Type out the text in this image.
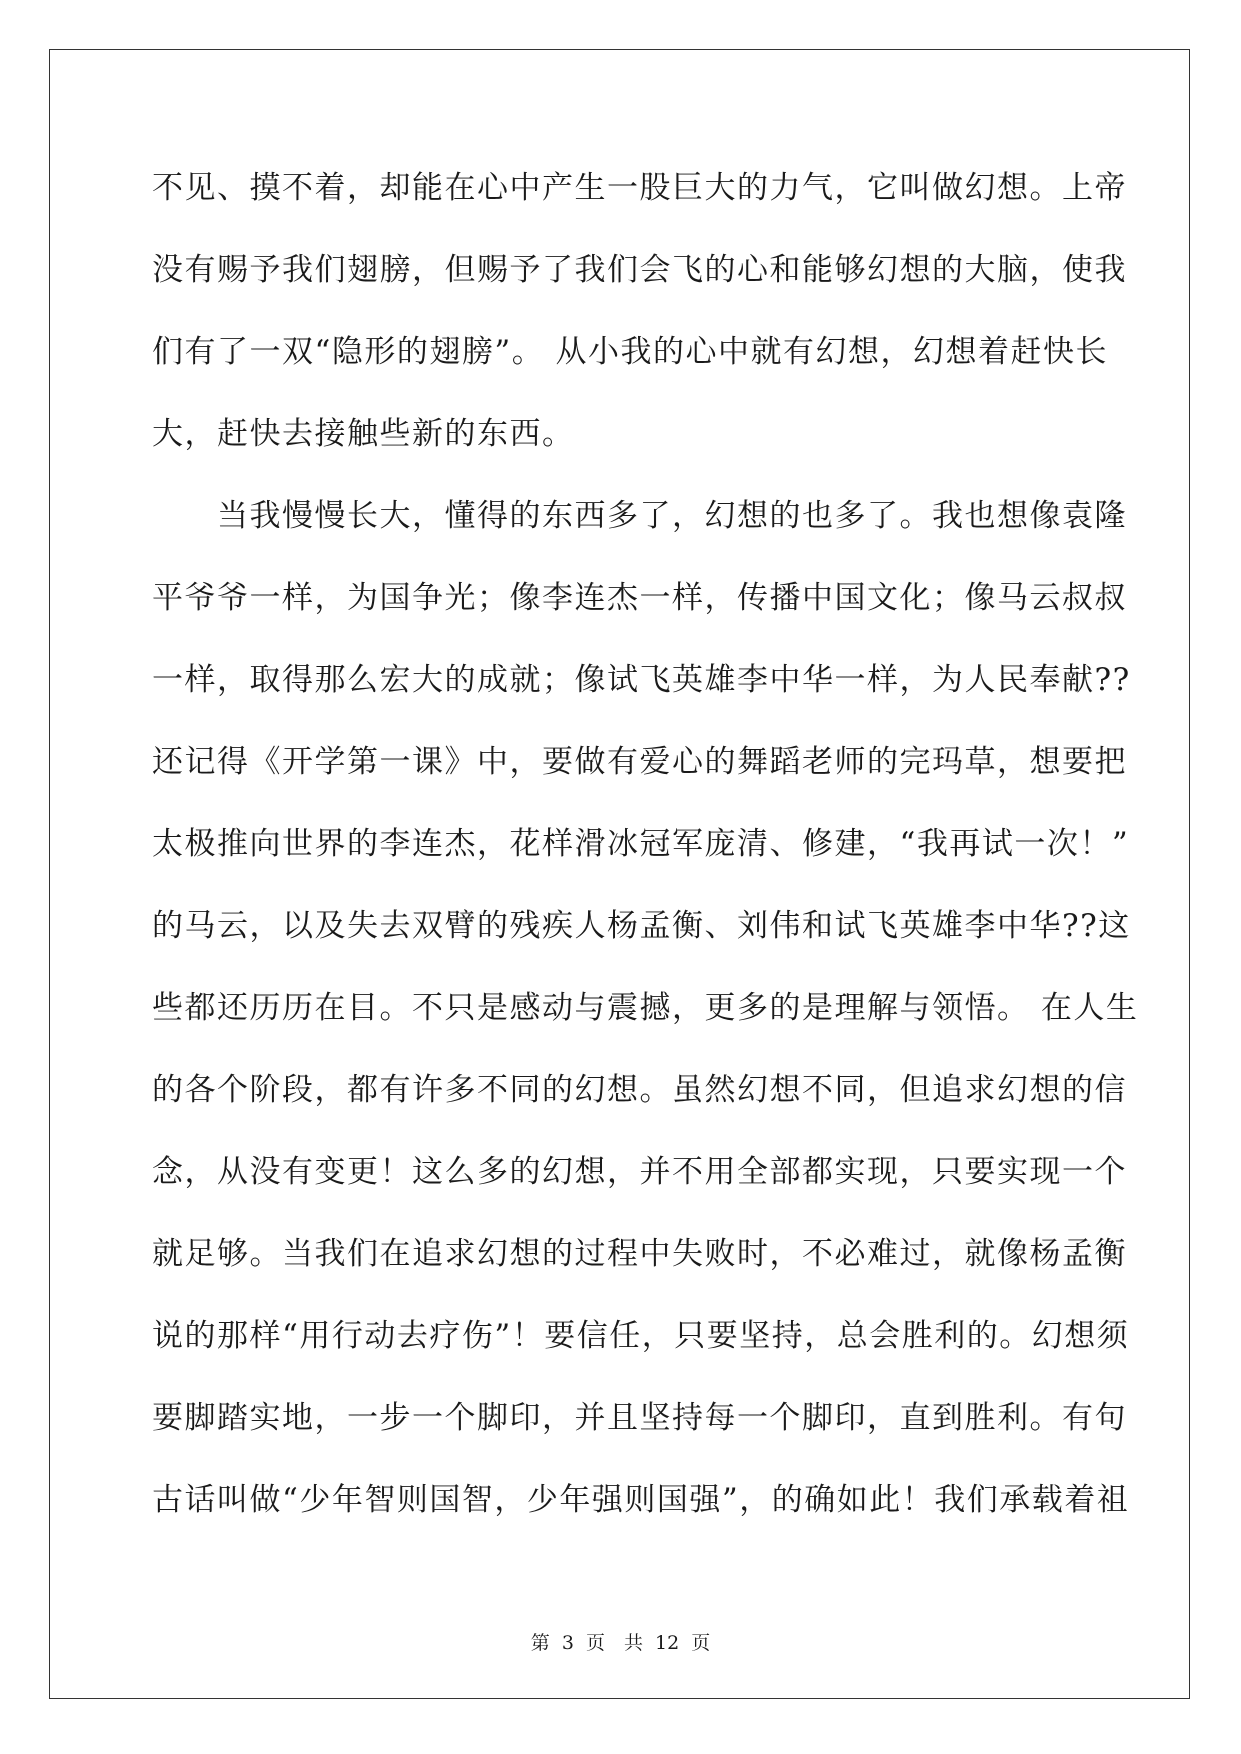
不见、摸不着，却能在心中产生一股巨大的力气，它叫做幻想。上帝
没有赐予我们翅膀，但赐予了我们会飞的心和能够幻想的大脑，使我
们有了一双“隐形的翅膀”。 从小我的心中就有幻想，幻想着赶快长
大，赶快去接触些新的东西。
　　当我慢慢长大，懂得的东西多了，幻想的也多了。我也想像袁隆
平爷爷一样，为国争光；像李连杰一样，传播中国文化；像马云叔叔
一样，取得那么宏大的成就；像试飞英雄李中华一样，为人民奉献??
还记得《开学第一课》中，要做有爱心的舞蹈老师的完玛草，想要把
太极推向世界的李连杰，花样滑冰冠军庞清、修建，“我再试一次！”
的马云，以及失去双臂的残疾人杨孟衡、刘伟和试飞英雄李中华??这
些都还历历在目。不只是感动与震撼，更多的是理解与领悟。 在人生
的各个阶段，都有许多不同的幻想。虽然幻想不同，但追求幻想的信
念，从没有变更！这么多的幻想，并不用全部都实现，只要实现一个
就足够。当我们在追求幻想的过程中失败时，不必难过，就像杨孟衡
说的那样“用行动去疗伤”！要信任，只要坚持，总会胜利的。幻想须
要脚踏实地，一步一个脚印，并且坚持每一个脚印，直到胜利。有句
古话叫做“少年智则国智，少年强则国强”，的确如此！我们承载着祖
第 3 页　共 12 页
